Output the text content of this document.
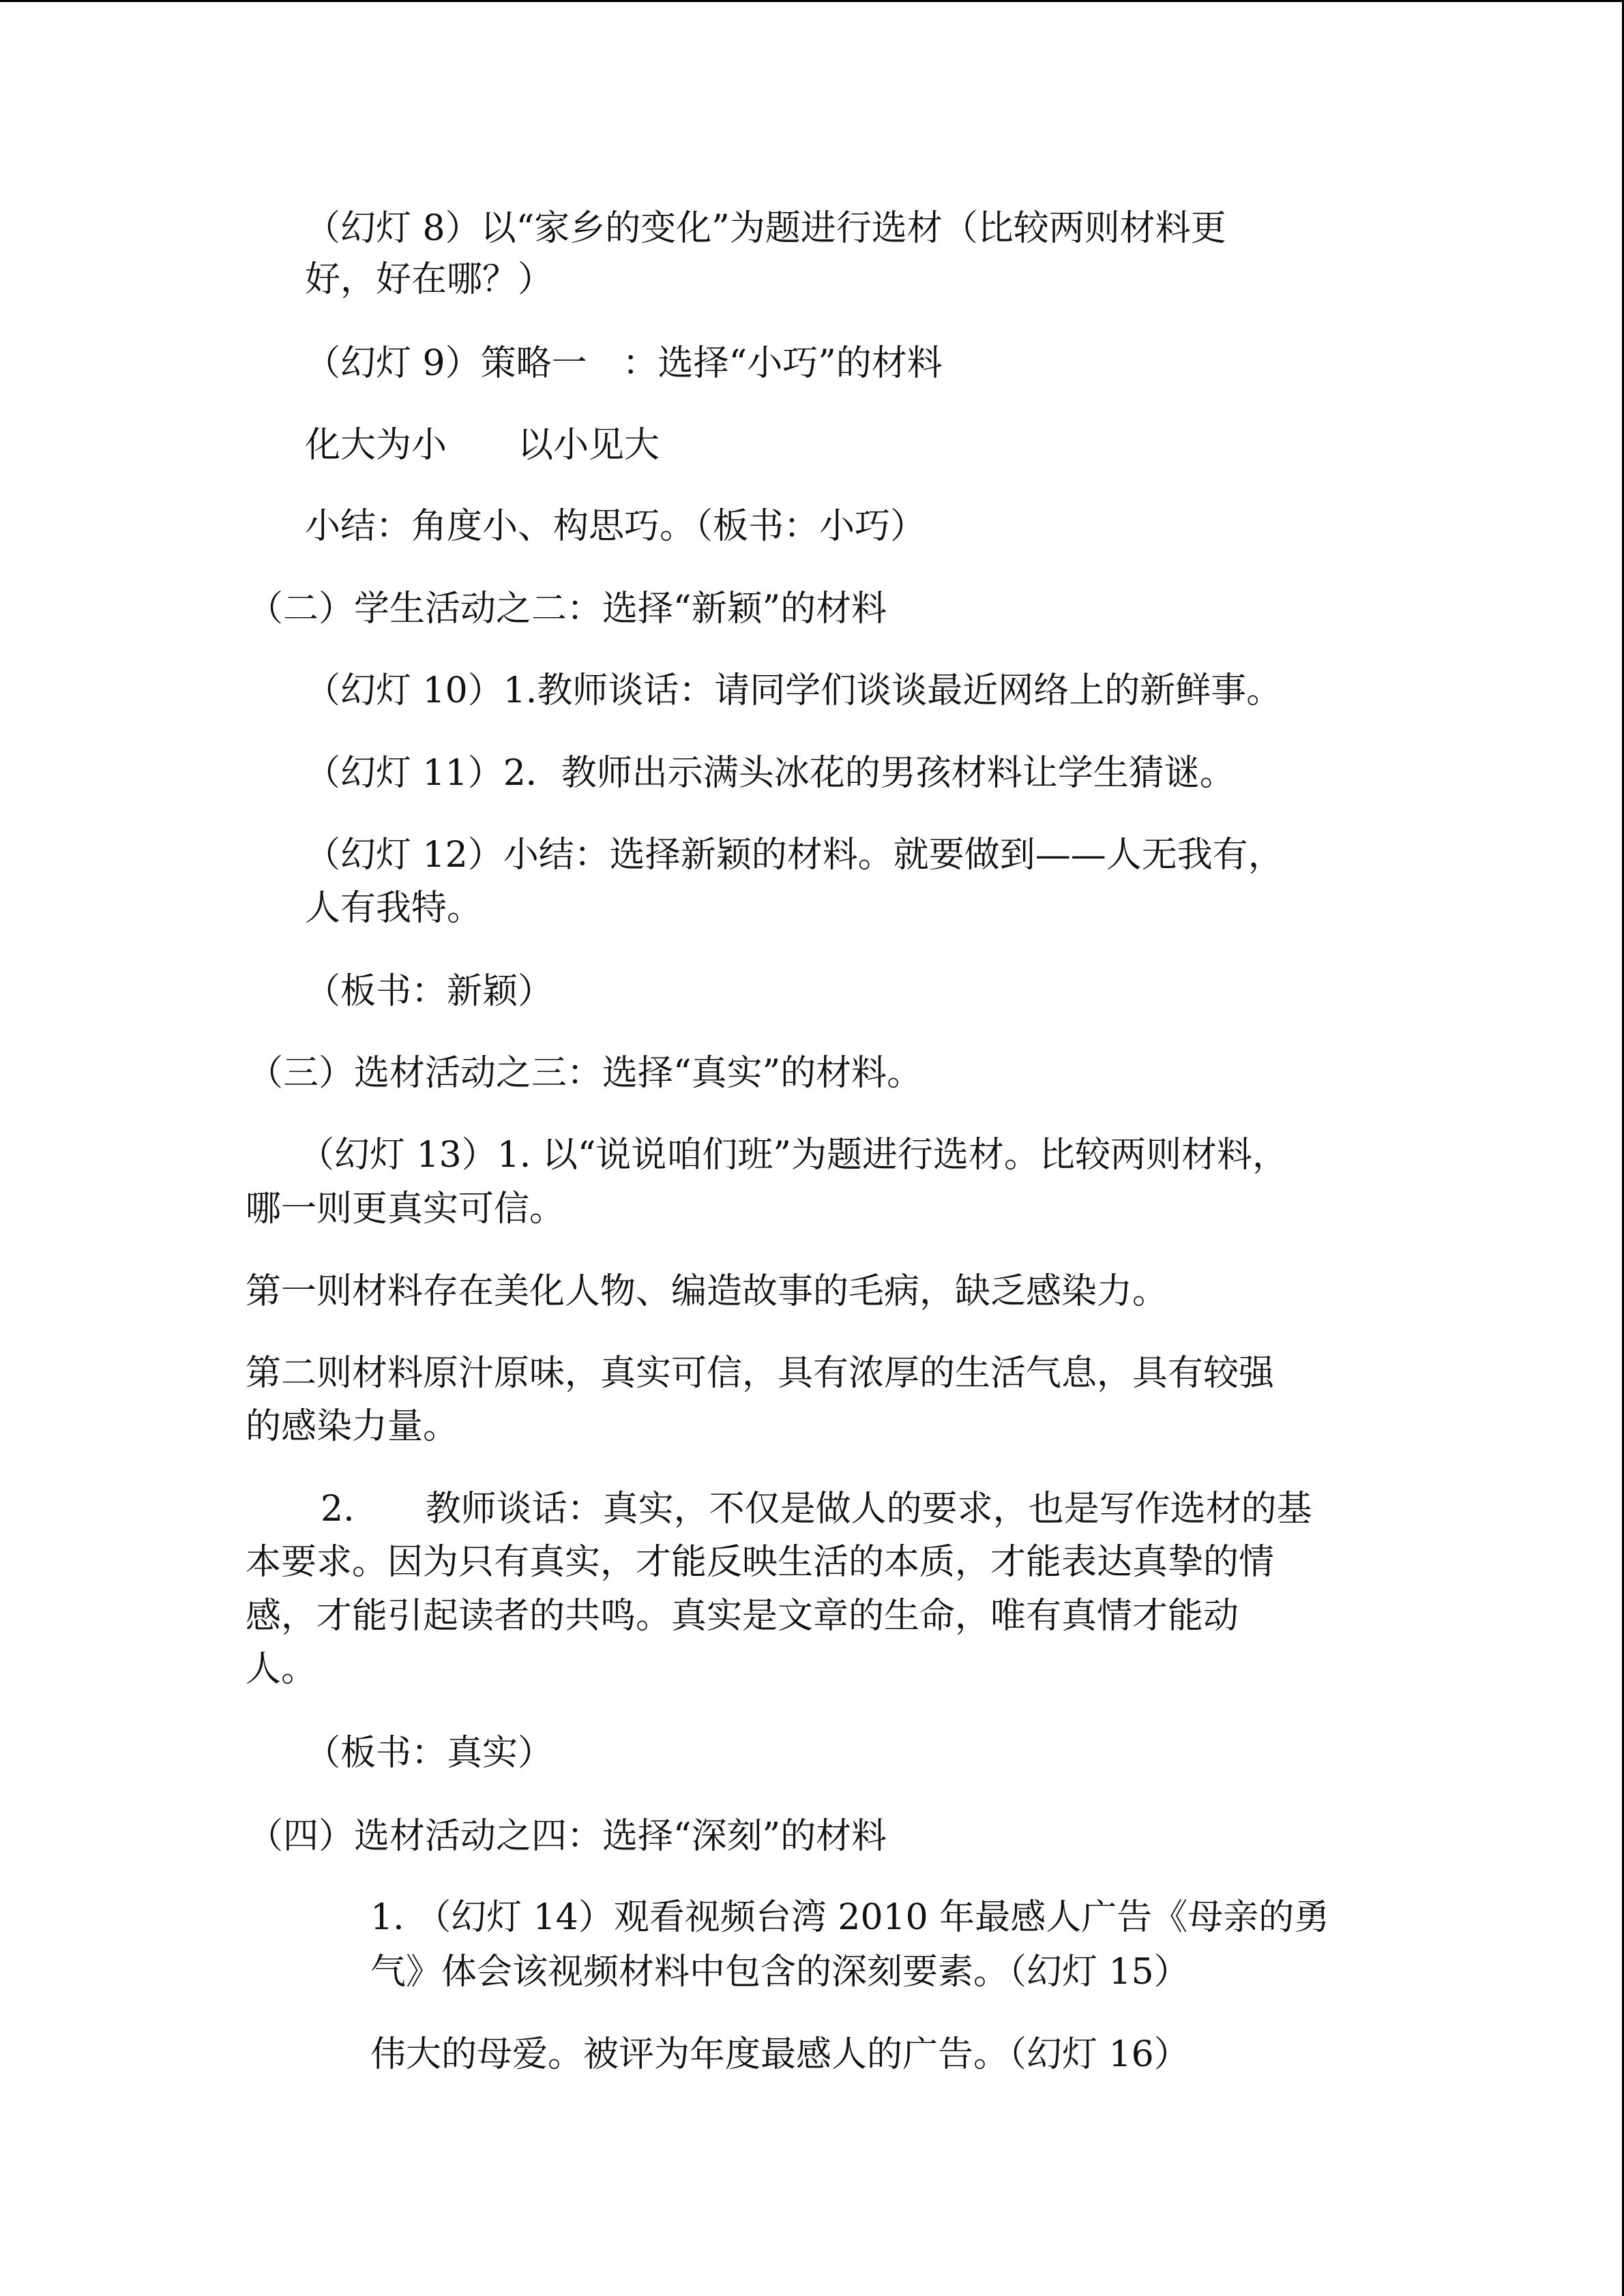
（幻灯 8）以“家乡的变化”为题进行选材（比较两则材料更

好，好在哪？）

（幻灯 9）策略一　：选择“小巧”的材料

化大为小　　以小见大

小结：角度小、构思巧。（板书：小巧）

（二）学生活动之二：选择“新颖”的材料

（幻灯 10）1.教师谈话：请同学们谈谈最近网络上的新鲜事。

（幻灯 11）2．教师出示满头冰花的男孩材料让学生猜谜。

（幻灯 12）小结：选择新颖的材料。就要做到——人无我有，

人有我特。

（板书：新颖）

（三）选材活动之三：选择“真实”的材料。

（幻灯 13）1. 以“说说咱们班”为题进行选材。比较两则材料，

哪一则更真实可信。

第一则材料存在美化人物、编造故事的毛病，缺乏感染力。

第二则材料原汁原味，真实可信，具有浓厚的生活气息，具有较强

的感染力量。

2.　　教师谈话：真实，不仅是做人的要求，也是写作选材的基

本要求。因为只有真实，才能反映生活的本质，才能表达真挚的情

感，才能引起读者的共鸣。真实是文章的生命，唯有真情才能动

人。

（板书：真实）

（四）选材活动之四：选择“深刻”的材料

1. （幻灯 14）观看视频台湾 2010 年最感人广告《母亲的勇

气》体会该视频材料中包含的深刻要素。（幻灯 15）

伟大的母爱。被评为年度最感人的广告。（幻灯 16）
